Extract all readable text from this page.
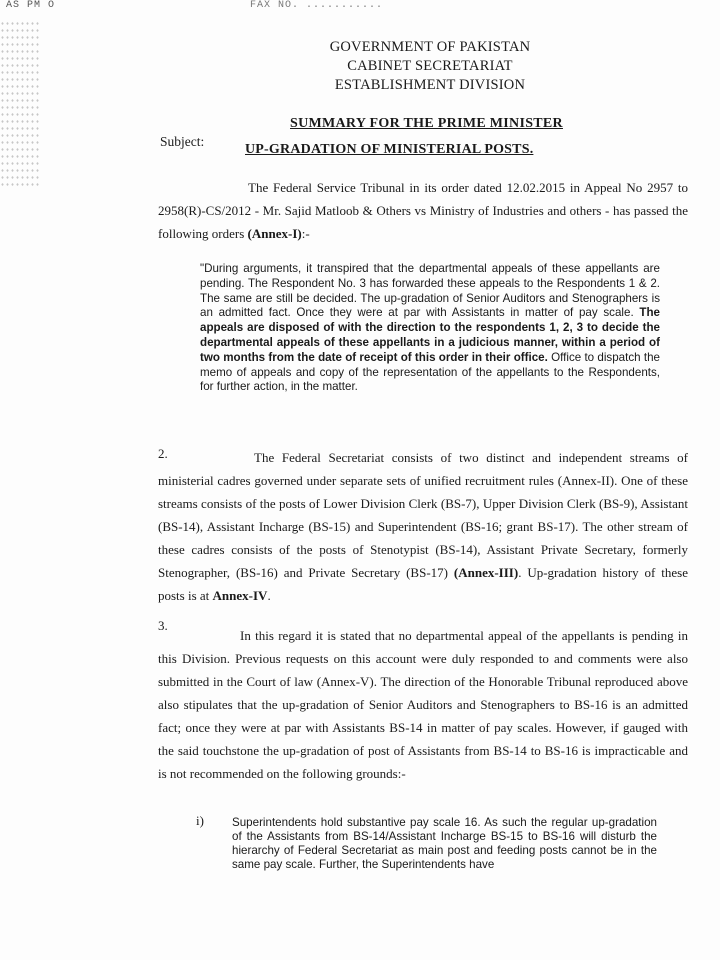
AS PM O	FAX NO. ...........
GOVERNMENT OF PAKISTAN
CABINET SECRETARIAT
ESTABLISHMENT DIVISION
SUMMARY FOR THE PRIME MINISTER
Subject:
UP-GRADATION OF MINISTERIAL POSTS.
The Federal Service Tribunal in its order dated 12.02.2015 in Appeal No 2957 to 2958(R)-CS/2012 - Mr. Sajid Matloob & Others vs Ministry of Industries and others - has passed the following orders (Annex-I):-
"During arguments, it transpired that the departmental appeals of these appellants are pending. The Respondent No. 3 has forwarded these appeals to the Respondents 1 & 2. The same are still be decided. The up-gradation of Senior Auditors and Stenographers is an admitted fact. Once they were at par with Assistants in matter of pay scale. The appeals are disposed of with the direction to the respondents 1, 2, 3 to decide the departmental appeals of these appellants in a judicious manner, within a period of two months from the date of receipt of this order in their office. Office to dispatch the memo of appeals and copy of the representation of the appellants to the Respondents, for further action, in the matter.
2.	The Federal Secretariat consists of two distinct and independent streams of ministerial cadres governed under separate sets of unified recruitment rules (Annex-II). One of these streams consists of the posts of Lower Division Clerk (BS-7), Upper Division Clerk (BS-9), Assistant (BS-14), Assistant Incharge (BS-15) and Superintendent (BS-16; grant BS-17). The other stream of these cadres consists of the posts of Stenotypist (BS-14), Assistant Private Secretary, formerly Stenographer, (BS-16) and Private Secretary (BS-17) (Annex-III). Up-gradation history of these posts is at Annex-IV.
3.
In this regard it is stated that no departmental appeal of the appellants is pending in this Division. Previous requests on this account were duly responded to and comments were also submitted in the Court of law (Annex-V). The direction of the Honorable Tribunal reproduced above also stipulates that the up-gradation of Senior Auditors and Stenographers to BS-16 is an admitted fact; once they were at par with Assistants BS-14 in matter of pay scales. However, if gauged with the said touchstone the up-gradation of post of Assistants from BS-14 to BS-16 is impracticable and is not recommended on the following grounds:-
i) Superintendents hold substantive pay scale 16. As such the regular up-gradation of the Assistants from BS-14/Assistant Incharge BS-15 to BS-16 will disturb the hierarchy of Federal Secretariat as main post and feeding posts cannot be in the same pay scale. Further, the Superintendents have
